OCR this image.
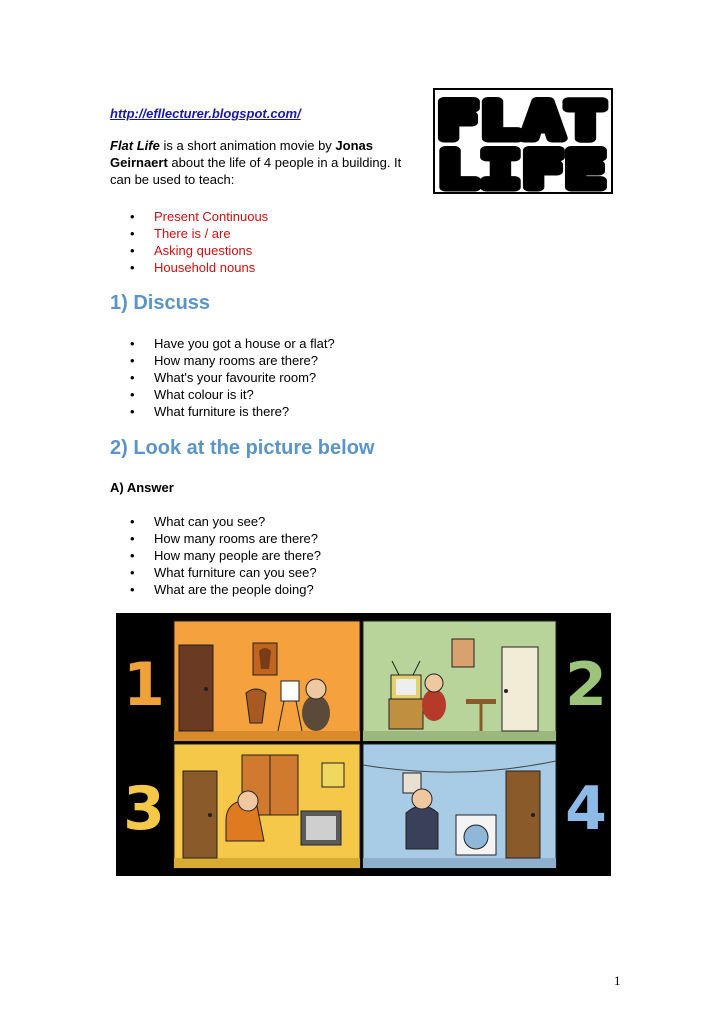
http://efllecturer.blogspot.com/
Flat Life is a short animation movie by Jonas Geirnaert about the life of 4 people in a building. It can be used to teach:
FLAT
LIFE
• Present Continuous
• There is / are
• Asking questions
• Household nouns
1) Discuss
• Have you got a house or a flat?
• How many rooms are there?
• What's your favourite room?
• What colour is it?
• What furniture is there?
2) Look at the picture below
A) Answer
• What can you see?
• How many rooms are there?
• How many people are there?
• What furniture can you see?
• What are the people doing?
1	2
3	4
1
